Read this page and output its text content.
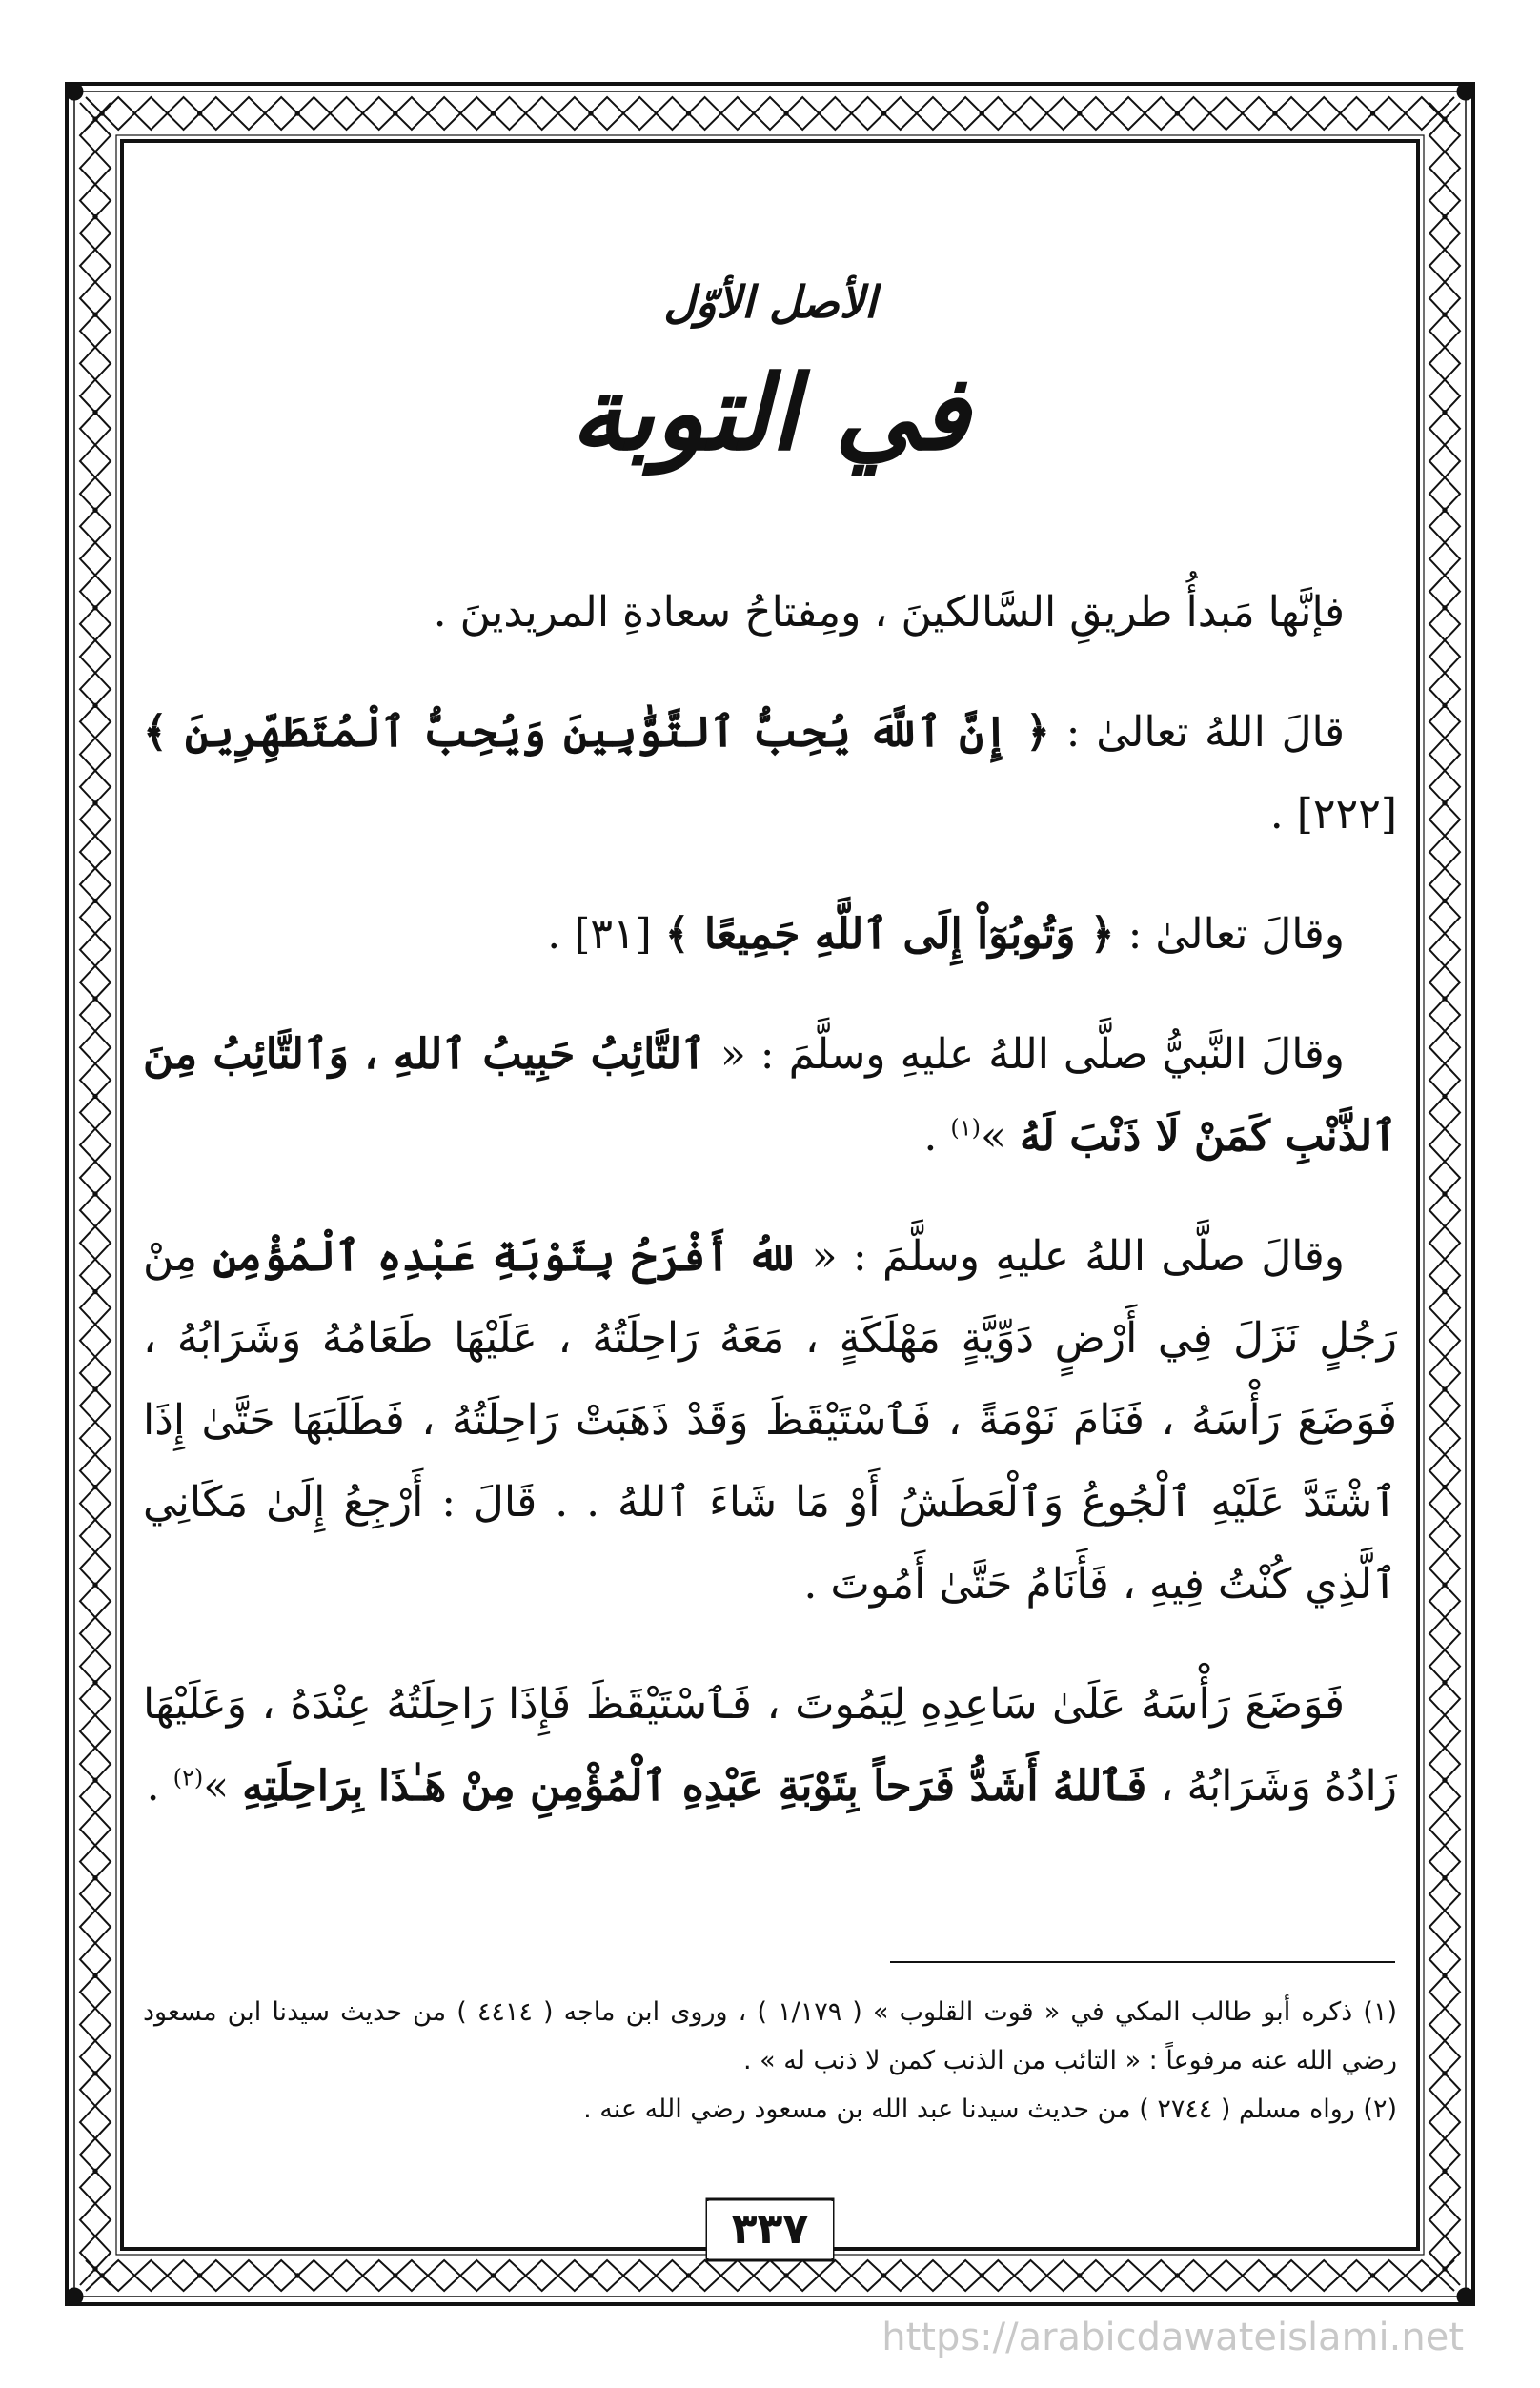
الأصل الأوّل
في التوبة

فإنَّها مَبدأُ طريقِ السَّالكينَ ، ومِفتاحُ سعادةِ المريدينَ .

قالَ اللهُ تعالىٰ : ﴿ إِنَّ ٱللَّهَ يُحِبُّ ٱلتَّوَّٰبِينَ وَيُحِبُّ ٱلْمُتَطَهِّرِينَ ﴾ [٢٢٢] .

وقالَ تعالىٰ : ﴿ وَتُوبُوٓاْ إِلَى ٱللَّهِ جَمِيعًا ﴾ [٣١] .

وقالَ النَّبيُّ صلَّى اللهُ عليهِ وسلَّمَ : « ٱلتَّائِبُ حَبِيبُ ٱللهِ ، وَٱلتَّائِبُ مِنَ ٱلذَّنْبِ كَمَنْ لَا ذَنْبَ لَهُ »$^{(١)}$ .

وقالَ صلَّى اللهُ عليهِ وسلَّمَ : « للهُ أَفْرَحُ بِتَوْبَةِ عَبْدِهِ ٱلْمُؤْمِنِ مِنْ رَجُلٍ نَزَلَ فِي أَرْضٍ دَوِّيَّةٍ مَهْلَكَةٍ ، مَعَهُ رَاحِلَتُهُ ، عَلَيْهَا طَعَامُهُ وَشَرَابُهُ ، فَوَضَعَ رَأْسَهُ ، فَنَامَ نَوْمَةً ، فَٱسْتَيْقَظَ وَقَدْ ذَهَبَتْ رَاحِلَتُهُ ، فَطَلَبَهَا حَتَّىٰ إِذَا ٱشْتَدَّ عَلَيْهِ ٱلْجُوعُ وَٱلْعَطَشُ أَوْ مَا شَاءَ ٱللهُ . . قَالَ : أَرْجِعُ إِلَىٰ مَكَانِي ٱلَّذِي كُنْتُ فِيهِ ، فَأَنَامُ حَتَّىٰ أَمُوتَ .

فَوَضَعَ رَأْسَهُ عَلَىٰ سَاعِدِهِ لِيَمُوتَ ، فَٱسْتَيْقَظَ فَإِذَا رَاحِلَتُهُ عِنْدَهُ ، وَعَلَيْهَا زَادُهُ وَشَرَابُهُ ، فَٱللهُ أَشَدُّ فَرَحاً بِتَوْبَةِ عَبْدِهِ ٱلْمُؤْمِنِ مِنْ هَـٰذَا بِرَاحِلَتِهِ »$^{(٢)}$ .

(١) ذكره أبو طالب المكي في « قوت القلوب » ( ١/١٧٩ ) ، وروى ابن ماجه ( ٤٤١٤ ) من حديث سيدنا ابن مسعود رضي الله عنه مرفوعاً : « التائب من الذنب كمن لا ذنب له » .

(٢) رواه مسلم ( ٢٧٤٤ ) من حديث سيدنا عبد الله بن مسعود رضي الله عنه .

٣٣٧
https://arabicdawateislami.net
